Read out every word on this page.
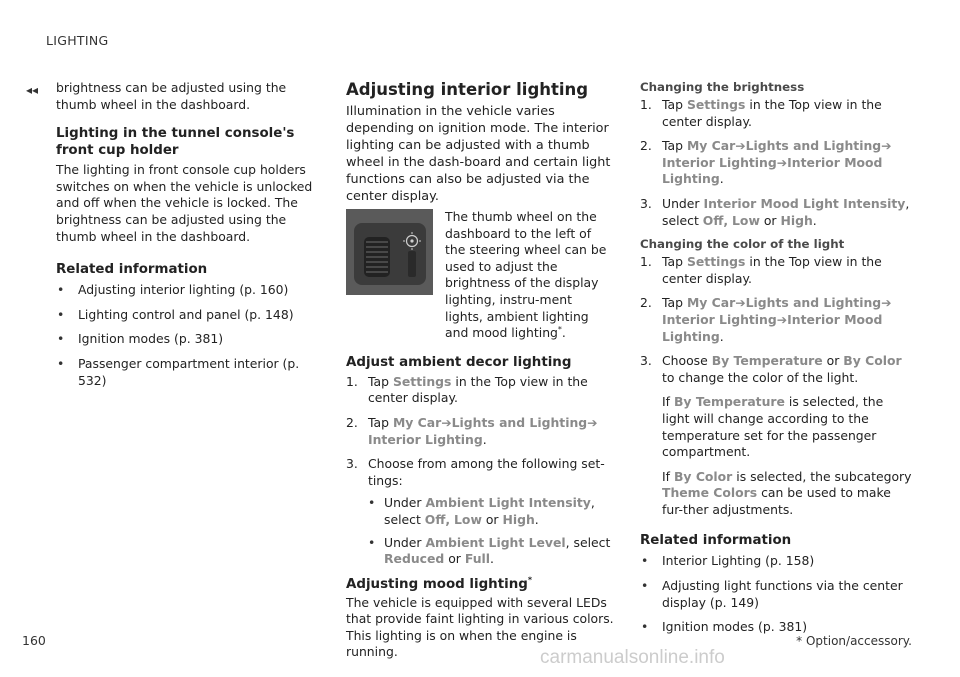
LIGHTING
◂◂ brightness can be adjusted using the thumb wheel in the dashboard.

Lighting in the tunnel console's front cup holder

The lighting in front console cup holders switches on when the vehicle is unlocked and off when the vehicle is locked. The brightness can be adjusted using the thumb wheel in the dashboard.

Related information
• Adjusting interior lighting (p. 160)
• Lighting control and panel (p. 148)
• Ignition modes (p. 381)
• Passenger compartment interior (p. 532)
Adjusting interior lighting

Illumination in the vehicle varies depending on ignition mode. The interior lighting can be adjusted with a thumb wheel in the dash-board and certain light functions can also be adjusted via the center display.

The thumb wheel on the dashboard to the left of the steering wheel can be used to adjust the brightness of the display lighting, instru-ment lights, ambient lighting and mood lighting*.

Adjust ambient decor lighting
1. Tap Settings in the Top view in the center display.
2. Tap My Car➔Lights and Lighting➔ Interior Lighting.
3. Choose from among the following set-tings:
• Under Ambient Light Intensity, select Off, Low or High.
• Under Ambient Light Level, select Reduced or Full.
Adjusting mood lighting*

The vehicle is equipped with several LEDs that provide faint lighting in various colors. This lighting is on when the engine is running.

Changing the brightness
1. Tap Settings in the Top view in the center display.
2. Tap My Car➔Lights and Lighting➔ Interior Lighting➔Interior Mood Lighting.
3. Under Interior Mood Light Intensity, select Off, Low or High.
Changing the color of the light
1. Tap Settings in the Top view in the center display.
2. Tap My Car➔Lights and Lighting➔ Interior Lighting➔Interior Mood Lighting.
3. Choose By Temperature or By Color to change the color of the light.

If By Temperature is selected, the light will change according to the temperature set for the passenger compartment.

If By Color is selected, the subcategory Theme Colors can be used to make fur-ther adjustments.

Related information
• Interior Lighting (p. 158)
• Adjusting light functions via the center display (p. 149)
• Ignition modes (p. 381)
160	* Option/accessory.
carmanualsonline.info
